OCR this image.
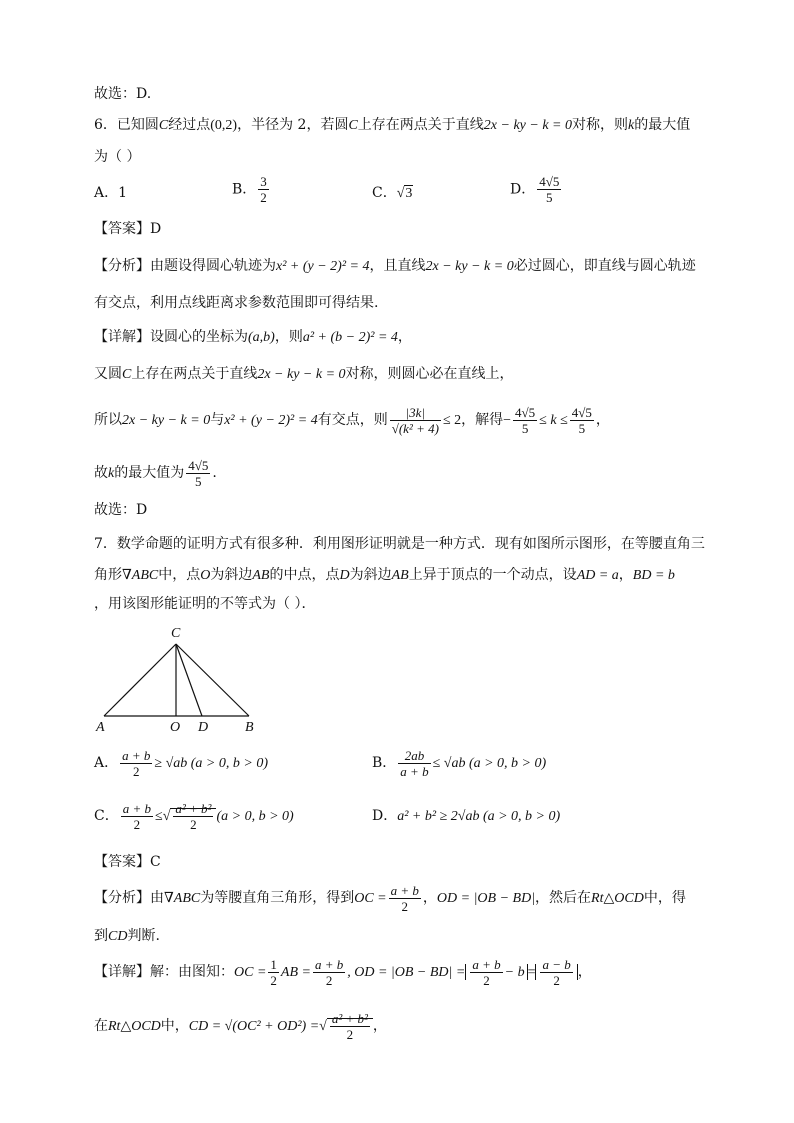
故选：D.
6．已知圆C经过点(0,2)，半径为 2，若圆C上存在两点关于直线2x − ky − k = 0对称，则k的最大值
为（ ）
A．1	B． $\frac{3}{2}$	C．√3	D． $\frac{4√5}{5}$
【答案】D
【分析】由题设得圆心轨迹为x² + (y − 2)² = 4，且直线2x − ky − k = 0必过圆心，即直线与圆心轨迹
有交点，利用点线距离求参数范围即可得结果.
【详解】设圆心的坐标为(a,b)，则a² + (b − 2)² = 4，
又圆C上存在两点关于直线2x − ky − k = 0对称，则圆心必在直线上，
所以2x − ky − k = 0与x² + (y − 2)² = 4有交点，则 $\frac{|3k|}{\text{√(k² + 4)}} \le 2$，解得− $\frac{4√5}{5} \le k \le \frac{4√5}{5}$ ，
故k的最大值为 $\frac{4√5}{5}$ .
故选：D
7．数学命题的证明方式有很多种．利用图形证明就是一种方式．现有如图所示图形，在等腰直角三
角形∇ABC中，点O为斜边AB的中点，点D为斜边AB上异于顶点的一个动点，设AD = a，BD = b
，用该图形能证明的不等式为（ ）．
C
A	O D	B
A． $\frac{a + b}{2} \ge √ab$ (a > 0, b > 0)	B． $\frac{2ab}{a + b} \le √ab$ (a > 0, b > 0)
C． $\frac{a + b}{2}$ ≤√ $\frac{\text{a² + b²}}{2} (a > 0$, b > 0)	D．a² + b² ≥ 2√ab (a > 0, b > 0)
【答案】C
【分析】由∇ABC为等腰直角三角形，得到OC = $\frac{a + b}{2}$ ，OD = |OB − BD|，然后在Rt△OCD中，得
到CD判断.
【详解】解：由图知：OC = $\frac{1}{2}$ AB = $\frac{a + b}{2}$ , OD = $|OB - BD| = \frac{a + b}{2} - b = \frac{a - b}{2}$ ，
在Rt△OCD中，CD = √(OC² + OD²) =√ $\frac{\text{a² + b²}}{2}$ ，
